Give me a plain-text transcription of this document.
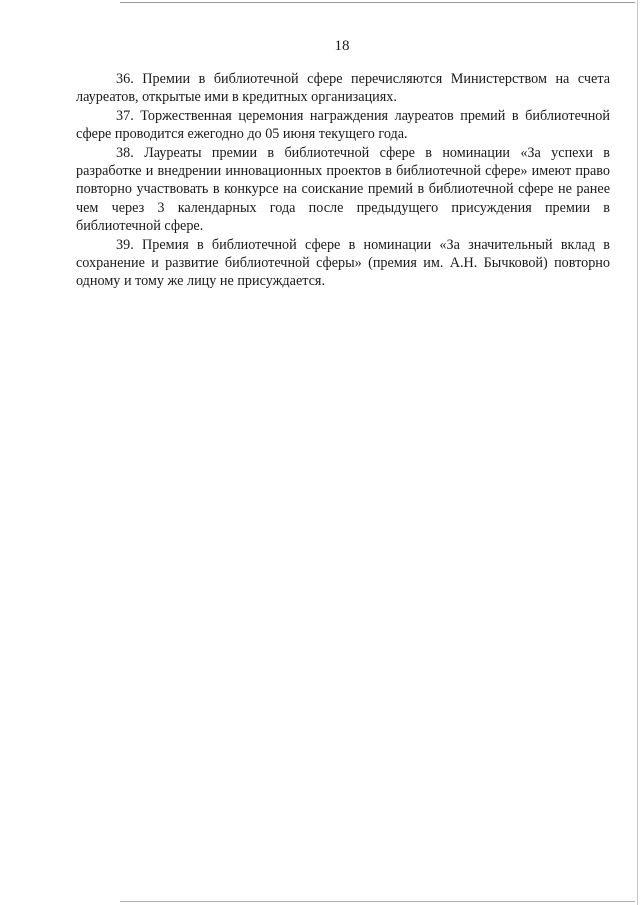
18

36. Премии в библиотечной сфере перечисляются Министерством на счета лауреатов, открытые ими в кредитных организациях.

37. Торжественная церемония награждения лауреатов премий в библиотечной сфере проводится ежегодно до 05 июня текущего года.

38. Лауреаты премии в библиотечной сфере в номинации «За успехи в разработке и внедрении инновационных проектов в библиотечной сфере» имеют право повторно участвовать в конкурсе на соискание премий в библиотечной сфере не ранее чем через 3 календарных года после предыдущего присуждения премии в библиотечной сфере.

39. Премия в библиотечной сфере в номинации «За значительный вклад в сохранение и развитие библиотечной сферы» (премия им. А.Н. Бычковой) повторно одному и тому же лицу не присуждается.
